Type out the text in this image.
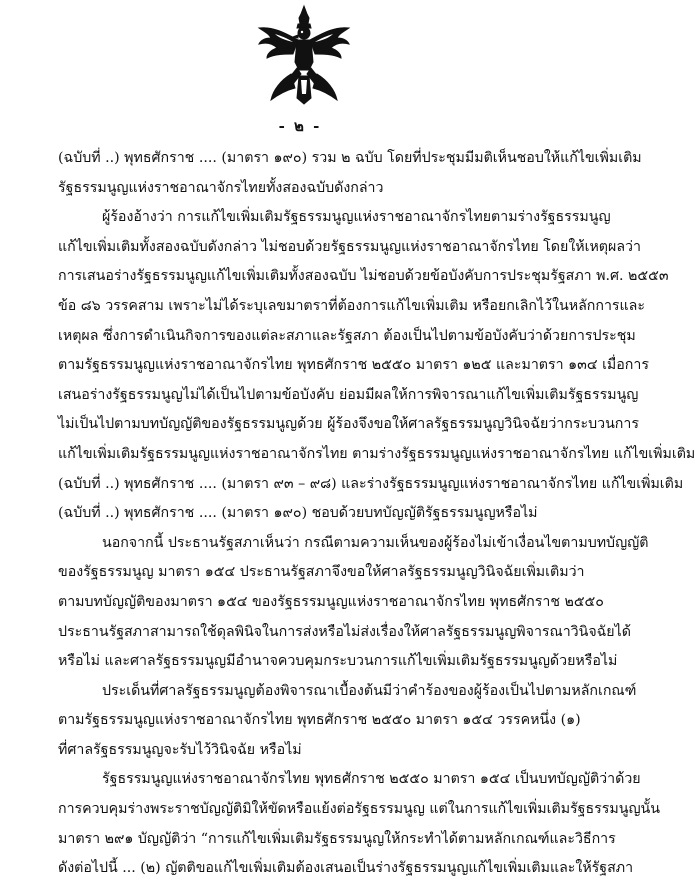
- ๒ -
(ฉบับที่ ..) พุทธศักราช .... (มาตรา ๑๙๐) รวม ๒ ฉบับ โดยที่ประชุมมีมติเห็นชอบให้แก้ไขเพิ่มเติม
รัฐธรรมนูญแห่งราชอาณาจักรไทยทั้งสองฉบับดังกล่าว
ผู้ร้องอ้างว่า การแก้ไขเพิ่มเติมรัฐธรรมนูญแห่งราชอาณาจักรไทยตามร่างรัฐธรรมนูญ
แก้ไขเพิ่มเติมทั้งสองฉบับดังกล่าว ไม่ชอบด้วยรัฐธรรมนูญแห่งราชอาณาจักรไทย โดยให้เหตุผลว่า
การเสนอร่างรัฐธรรมนูญแก้ไขเพิ่มเติมทั้งสองฉบับ ไม่ชอบด้วยข้อบังคับการประชุมรัฐสภา พ.ศ. ๒๕๕๓
ข้อ ๘๖ วรรคสาม เพราะไม่ได้ระบุเลขมาตราที่ต้องการแก้ไขเพิ่มเติม หรือยกเลิกไว้ในหลักการและ
เหตุผล ซึ่งการดำเนินกิจการของแต่ละสภาและรัฐสภา ต้องเป็นไปตามข้อบังคับว่าด้วยการประชุม
ตามรัฐธรรมนูญแห่งราชอาณาจักรไทย พุทธศักราช ๒๕๕๐ มาตรา ๑๒๕ และมาตรา ๑๓๔ เมื่อการ
เสนอร่างรัฐธรรมนูญไม่ได้เป็นไปตามข้อบังคับ ย่อมมีผลให้การพิจารณาแก้ไขเพิ่มเติมรัฐธรรมนูญ
ไม่เป็นไปตามบทบัญญัติของรัฐธรรมนูญด้วย ผู้ร้องจึงขอให้ศาลรัฐธรรมนูญวินิจฉัยว่ากระบวนการ
แก้ไขเพิ่มเติมรัฐธรรมนูญแห่งราชอาณาจักรไทย ตามร่างรัฐธรรมนูญแห่งราชอาณาจักรไทย แก้ไขเพิ่มเติม
(ฉบับที่ ..) พุทธศักราช .... (มาตรา ๙๓ – ๙๘) และร่างรัฐธรรมนูญแห่งราชอาณาจักรไทย แก้ไขเพิ่มเติม
(ฉบับที่ ..) พุทธศักราช .... (มาตรา ๑๙๐) ชอบด้วยบทบัญญัติรัฐธรรมนูญหรือไม่
นอกจากนี้ ประธานรัฐสภาเห็นว่า กรณีตามความเห็นของผู้ร้องไม่เข้าเงื่อนไขตามบทบัญญัติ
ของรัฐธรรมนูญ มาตรา ๑๕๔ ประธานรัฐสภาจึงขอให้ศาลรัฐธรรมนูญวินิจฉัยเพิ่มเติมว่า
ตามบทบัญญัติของมาตรา ๑๕๔ ของรัฐธรรมนูญแห่งราชอาณาจักรไทย พุทธศักราช ๒๕๕๐
ประธานรัฐสภาสามารถใช้ดุลพินิจในการส่งหรือไม่ส่งเรื่องให้ศาลรัฐธรรมนูญพิจารณาวินิจฉัยได้
หรือไม่ และศาลรัฐธรรมนูญมีอำนาจควบคุมกระบวนการแก้ไขเพิ่มเติมรัฐธรรมนูญด้วยหรือไม่
ประเด็นที่ศาลรัฐธรรมนูญต้องพิจารณาเบื้องต้นมีว่าคำร้องของผู้ร้องเป็นไปตามหลักเกณฑ์
ตามรัฐธรรมนูญแห่งราชอาณาจักรไทย พุทธศักราช ๒๕๕๐ มาตรา ๑๕๔ วรรคหนึ่ง (๑)
ที่ศาลรัฐธรรมนูญจะรับไว้วินิจฉัย หรือไม่
รัฐธรรมนูญแห่งราชอาณาจักรไทย พุทธศักราช ๒๕๕๐ มาตรา ๑๕๔ เป็นบทบัญญัติว่าด้วย
การควบคุมร่างพระราชบัญญัติมิให้ขัดหรือแย้งต่อรัฐธรรมนูญ แต่ในการแก้ไขเพิ่มเติมรัฐธรรมนูญนั้น
มาตรา ๒๙๑ บัญญัติว่า “การแก้ไขเพิ่มเติมรัฐธรรมนูญให้กระทำได้ตามหลักเกณฑ์และวิธีการ
ดังต่อไปนี้ ... (๒) ญัตติขอแก้ไขเพิ่มเติมต้องเสนอเป็นร่างรัฐธรรมนูญแก้ไขเพิ่มเติมและให้รัฐสภา
